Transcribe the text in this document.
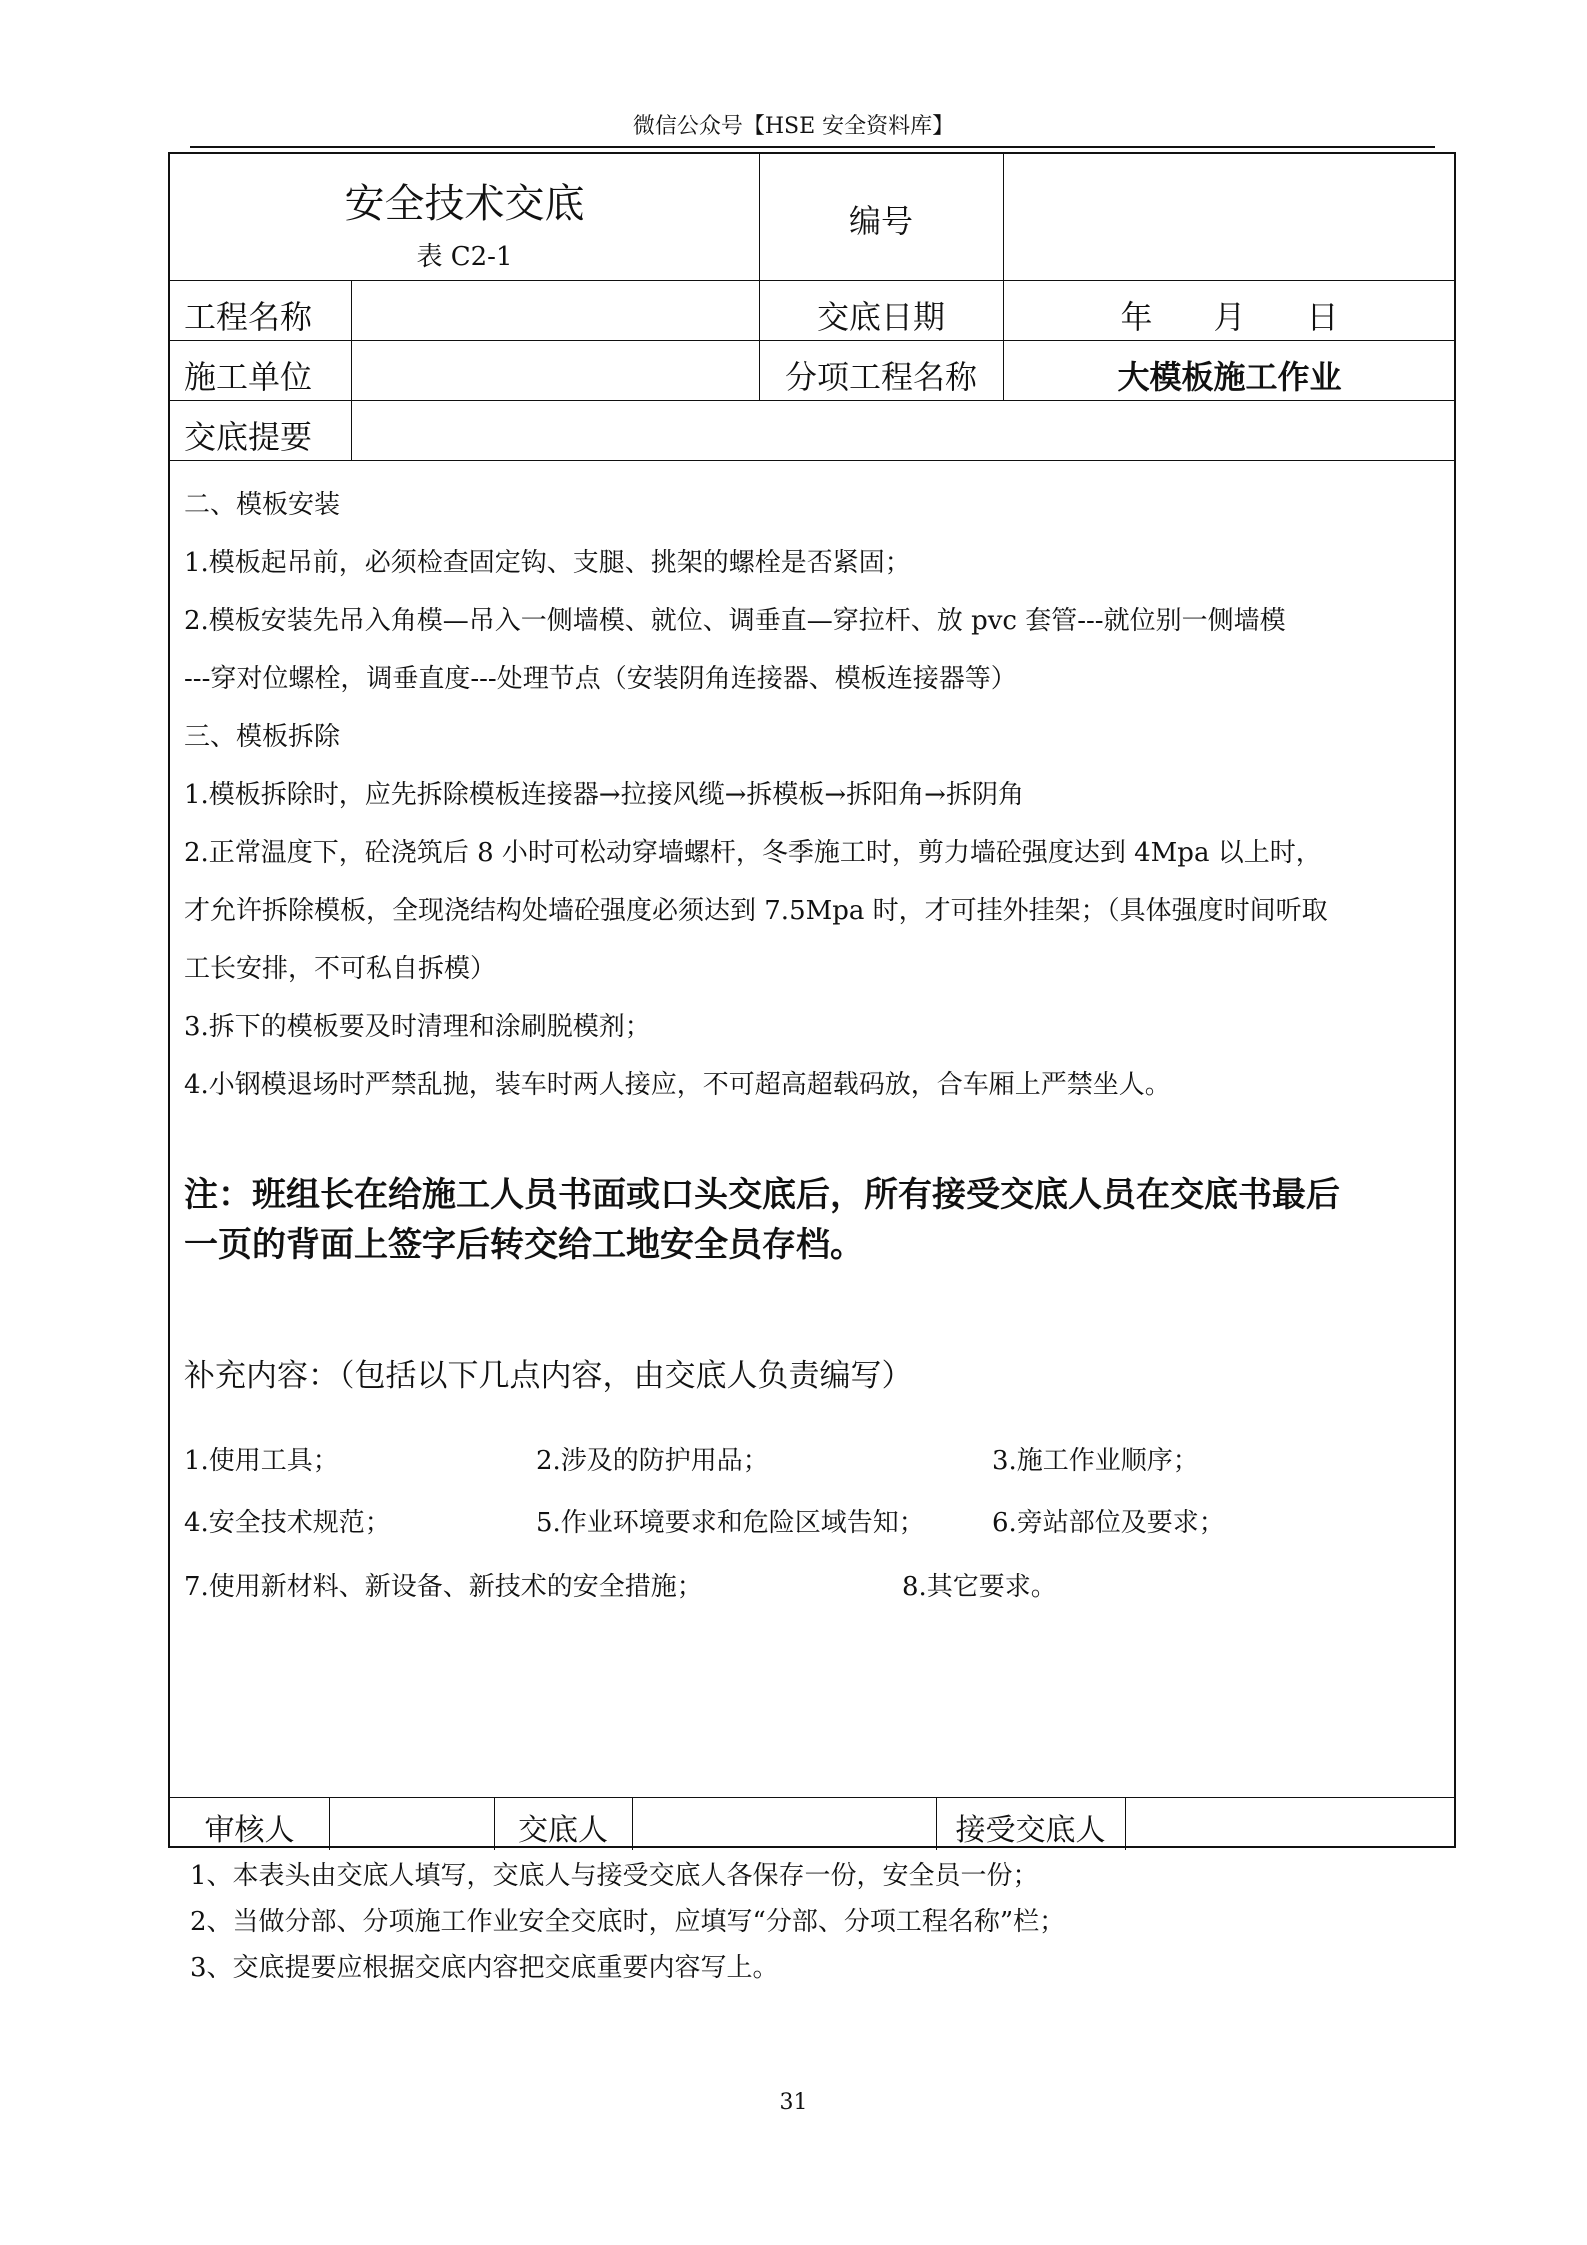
微信公众号【HSE 安全资料库】
安全技术交底
表 C2-1
编号
工程名称	交底日期	年      月      日
施工单位	分项工程名称	大模板施工作业
交底提要
二、模板安装
1.模板起吊前，必须检查固定钩、支腿、挑架的螺栓是否紧固；
2.模板安装先吊入角模—吊入一侧墙模、就位、调垂直—穿拉杆、放 pvc 套管---就位别一侧墙模
---穿对位螺栓，调垂直度---处理节点（安装阴角连接器、模板连接器等）
三、模板拆除
1.模板拆除时，应先拆除模板连接器→拉接风缆→拆模板→拆阳角→拆阴角
2.正常温度下，砼浇筑后 8 小时可松动穿墙螺杆，冬季施工时，剪力墙砼强度达到 4Mpa 以上时，
才允许拆除模板，全现浇结构处墙砼强度必须达到 7.5Mpa 时，才可挂外挂架；（具体强度时间听取
工长安排，不可私自拆模）
3.拆下的模板要及时清理和涂刷脱模剂；
4.小钢模退场时严禁乱抛，装车时两人接应，不可超高超载码放，合车厢上严禁坐人。
注：班组长在给施工人员书面或口头交底后，所有接受交底人员在交底书最后
一页的背面上签字后转交给工地安全员存档。
补充内容：（包括以下几点内容，由交底人负责编写）
1.使用工具；	2.涉及的防护用品；	3.施工作业顺序；
4.安全技术规范；	5.作业环境要求和危险区域告知；	6.旁站部位及要求；
7.使用新材料、新设备、新技术的安全措施；	8.其它要求。
审核人	交底人	接受交底人
1、本表头由交底人填写，交底人与接受交底人各保存一份，安全员一份；
2、当做分部、分项施工作业安全交底时，应填写“分部、分项工程名称”栏；
3、交底提要应根据交底内容把交底重要内容写上。
31
